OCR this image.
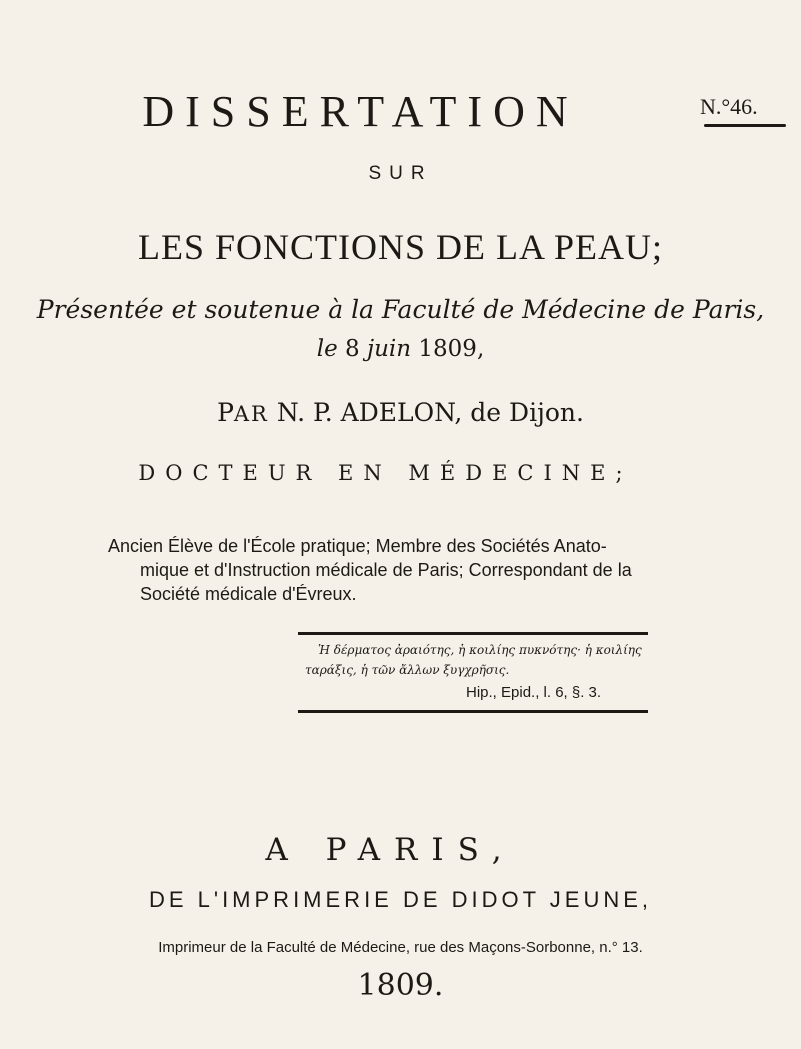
DISSERTATION	N.°46.
SUR
LES FONCTIONS DE LA PEAU;
Présentée et soutenue à la Faculté de Médecine de Paris,
le 8 juin 1809,
PAR N. P. ADELON, de Dijon.
DOCTEUR EN MÉDECINE;
Ancien Élève de l'École pratique; Membre des Sociétés Anato-
mique et d'Instruction médicale de Paris; Correspondant de la
Société médicale d'Évreux.
Ἡ δέρματος ἀραιότης, ἡ κοιλίης πυκνότης· ἡ κοιλίης
ταράξις, ἡ τῶν ἄλλων ξυγχρῆσις.
Hip., Epid., l. 6, §. 3.
A PARIS,
DE L'IMPRIMERIE DE DIDOT JEUNE,
Imprimeur de la Faculté de Médecine, rue des Maçons-Sorbonne, n.° 13.
1809.
